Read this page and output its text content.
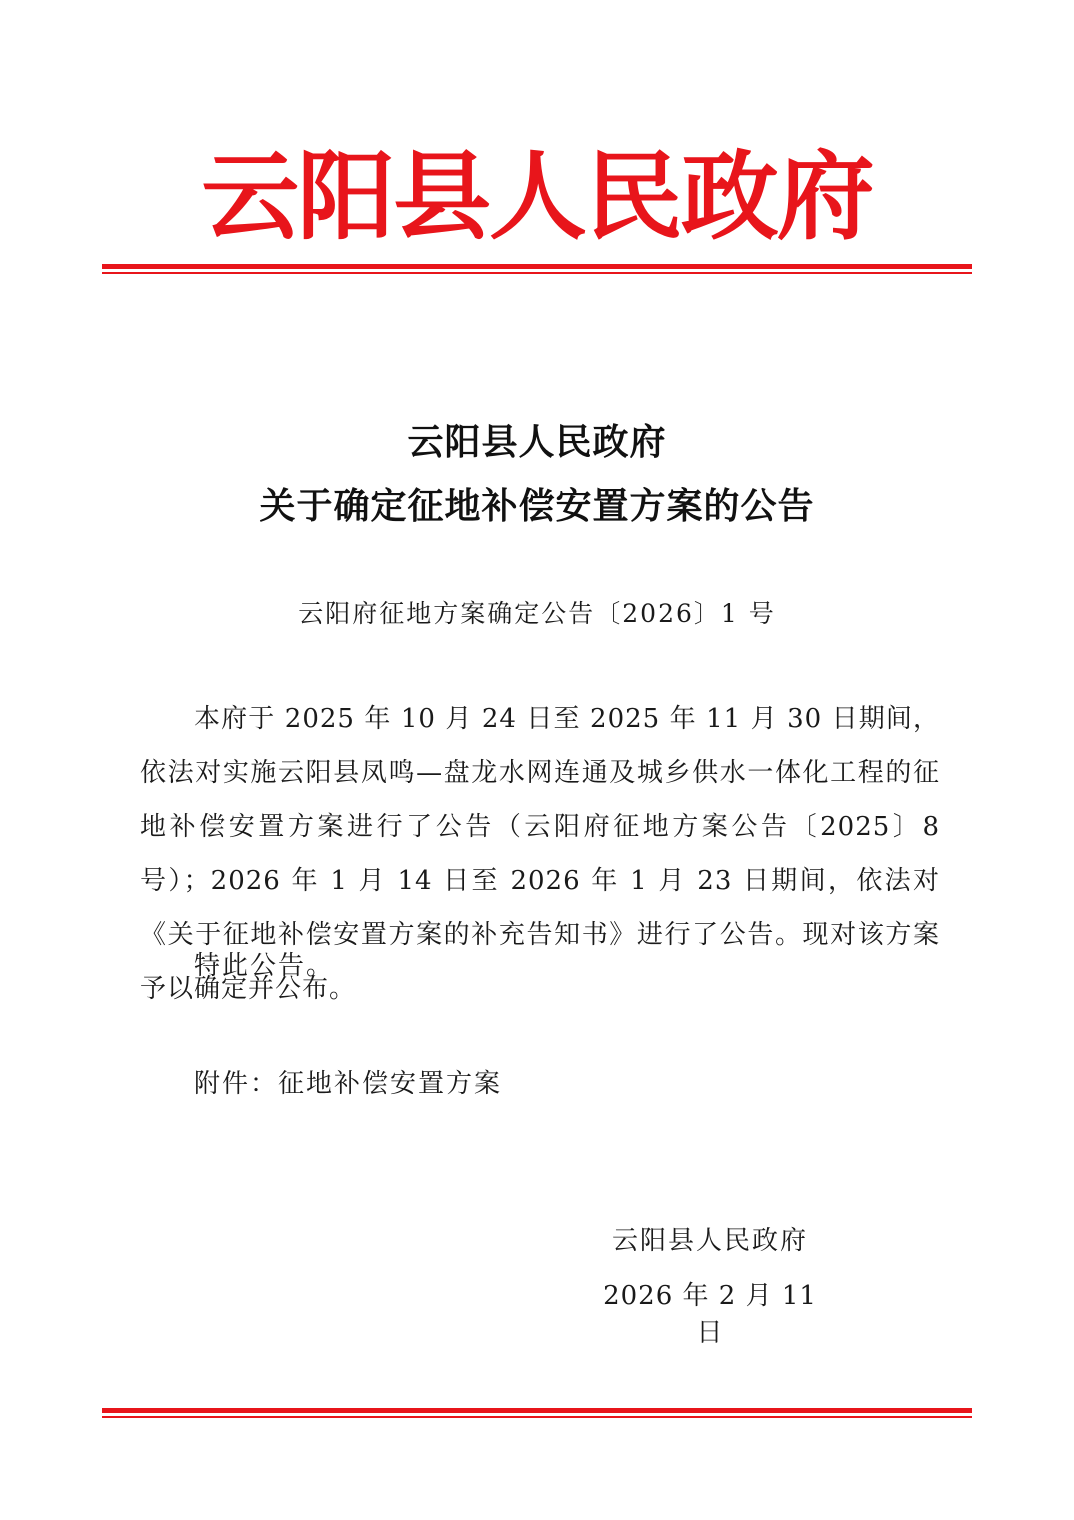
云阳县人民政府
云阳县人民政府
关于确定征地补偿安置方案的公告
云阳府征地方案确定公告〔2026〕1 号

本府于 2025 年 10 月 24 日至 2025 年 11 月 30 日期间，依法对实施云阳县凤鸣—盘龙水网连通及城乡供水一体化工程的征地补偿安置方案进行了公告（云阳府征地方案公告〔2025〕8 号）；2026 年 1 月 14 日至 2026 年 1 月 23 日期间，依法对《关于征地补偿安置方案的补充告知书》进行了公告。现对该方案予以确定并公布。

特此公告。
附件：征地补偿安置方案
云阳县人民政府
2026 年 2 月 11 日
